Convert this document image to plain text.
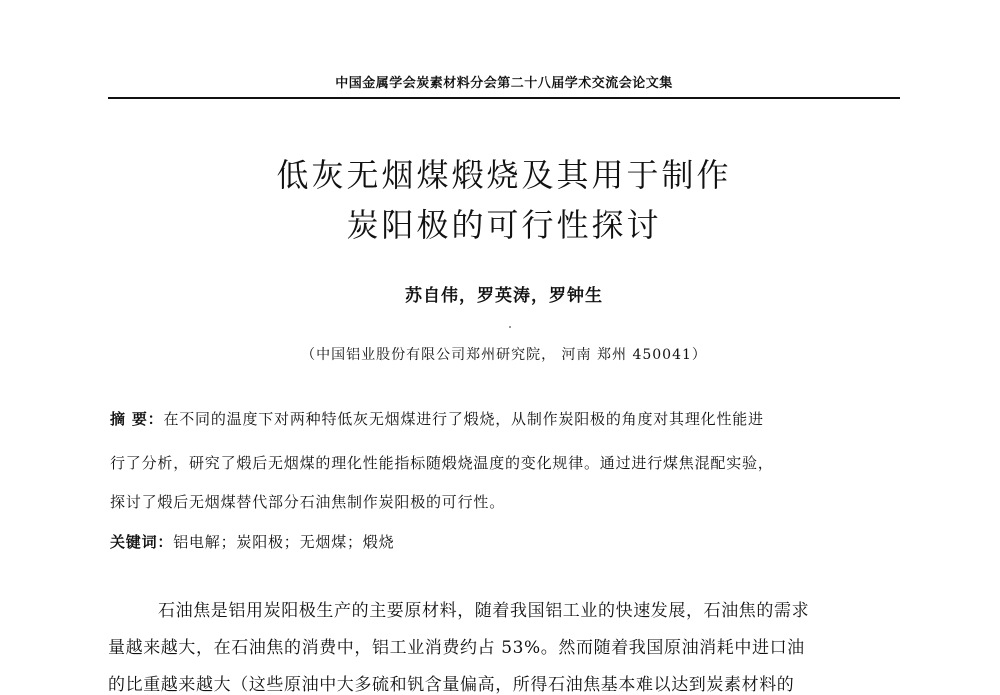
中国金属学会炭素材料分会第二十八届学术交流会论文集
低灰无烟煤煅烧及其用于制作
炭阳极的可行性探讨
苏自伟，罗英涛，罗钟生
（中国铝业股份有限公司郑州研究院， 河南 郑州 450041）
摘 要：在不同的温度下对两种特低灰无烟煤进行了煅烧，从制作炭阳极的角度对其理化性能进
行了分析，研究了煅后无烟煤的理化性能指标随煅烧温度的变化规律。通过进行煤焦混配实验，
探讨了煅后无烟煤替代部分石油焦制作炭阳极的可行性。
关键词：铝电解；炭阳极；无烟煤；煅烧
石油焦是铝用炭阳极生产的主要原材料，随着我国铝工业的快速发展，石油焦的需求
量越来越大，在石油焦的消费中，铝工业消费约占 53%。然而随着我国原油消耗中进口油
的比重越来越大（这些原油中大多硫和钒含量偏高，所得石油焦基本难以达到炭素材料的
